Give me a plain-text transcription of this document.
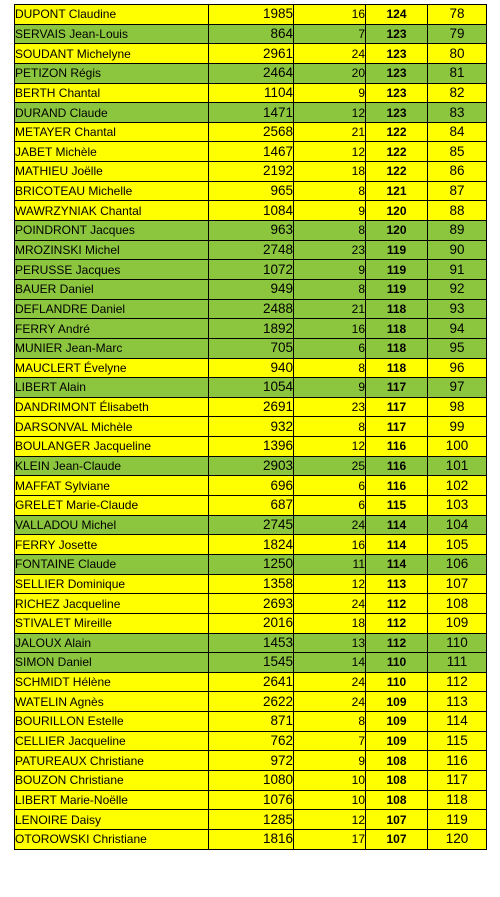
DUPONT Claudine	1985	16	124	78
SERVAIS Jean-Louis	864	7	123	79
SOUDANT Michelyne	2961	24	123	80
PETIZON Régis	2464	20	123	81
BERTH Chantal	1104	9	123	82
DURAND Claude	1471	12	123	83
METAYER Chantal	2568	21	122	84
JABET Michèle	1467	12	122	85
MATHIEU Joëlle	2192	18	122	86
BRICOTEAU Michelle	965	8	121	87
WAWRZYNIAK Chantal	1084	9	120	88
POINDRONT Jacques	963	8	120	89
MROZINSKI Michel	2748	23	119	90
PERUSSE Jacques	1072	9	119	91
BAUER Daniel	949	8	119	92
DEFLANDRE Daniel	2488	21	118	93
FERRY André	1892	16	118	94
MUNIER Jean-Marc	705	6	118	95
MAUCLERT Évelyne	940	8	118	96
LIBERT Alain	1054	9	117	97
DANDRIMONT Élisabeth	2691	23	117	98
DARSONVAL Michèle	932	8	117	99
BOULANGER Jacqueline	1396	12	116	100
KLEIN Jean-Claude	2903	25	116	101
MAFFAT Sylviane	696	6	116	102
GRELET Marie-Claude	687	6	115	103
VALLADOU Michel	2745	24	114	104
FERRY Josette	1824	16	114	105
FONTAINE Claude	1250	11	114	106
SELLIER Dominique	1358	12	113	107
RICHEZ Jacqueline	2693	24	112	108
STIVALET Mireille	2016	18	112	109
JALOUX Alain	1453	13	112	110
SIMON Daniel	1545	14	110	111
SCHMIDT Hélène	2641	24	110	112
WATELIN Agnès	2622	24	109	113
BOURILLON Estelle	871	8	109	114
CELLIER Jacqueline	762	7	109	115
PATUREAUX Christiane	972	9	108	116
BOUZON Christiane	1080	10	108	117
LIBERT Marie-Noëlle	1076	10	108	118
LENOIRE Daisy	1285	12	107	119
OTOROWSKI Christiane	1816	17	107	120
